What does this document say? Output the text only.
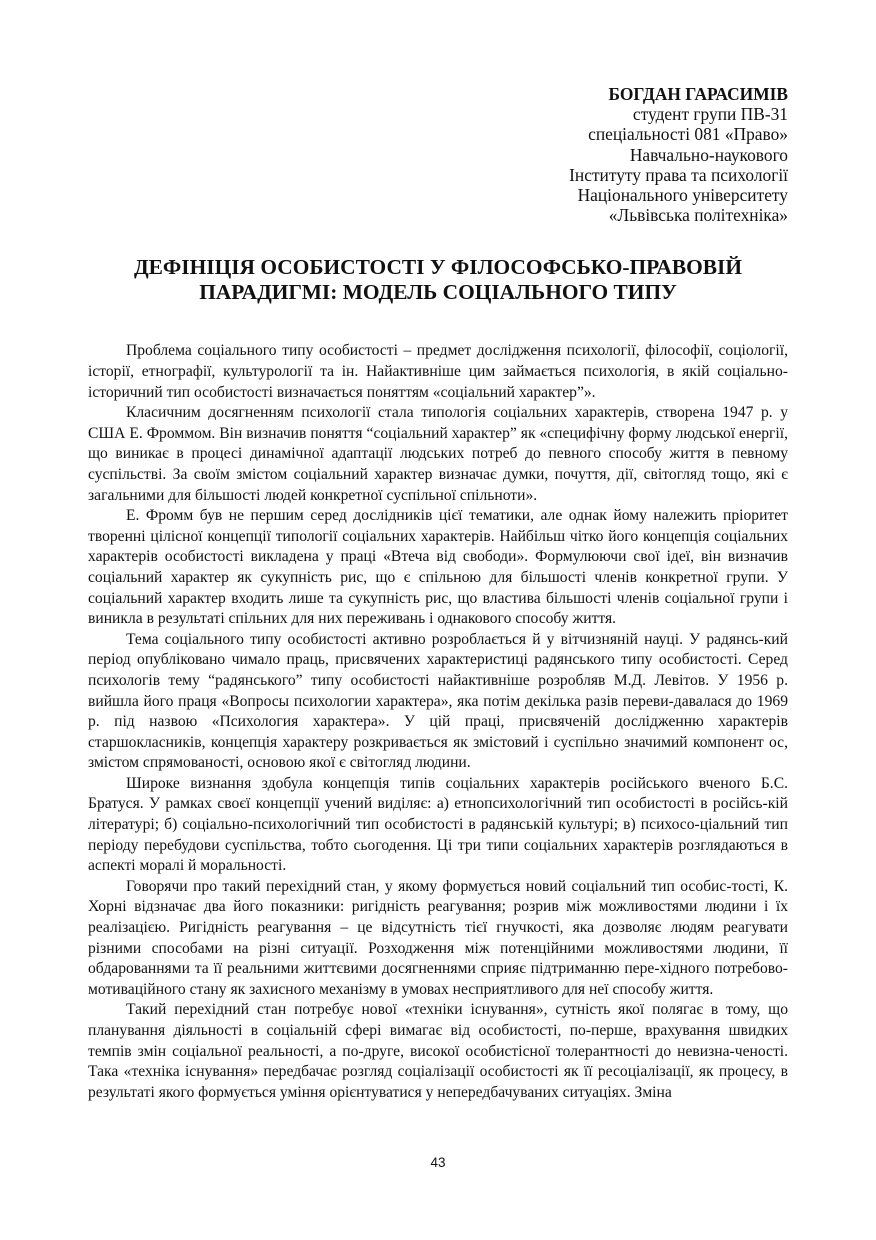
БОГДАН ГАРАСИМІВ
студент групи ПВ-31
спеціальності 081 «Право»
Навчально-наукового
Інституту права та психології
Національного університету
«Львівська політехніка»
ДЕФІНІЦІЯ ОСОБИСТОСТІ У ФІЛОСОФСЬКО-ПРАВОВІЙ
ПАРАДИГМІ: МОДЕЛЬ СОЦІАЛЬНОГО ТИПУ

Проблема соціального типу особистості – предмет дослідження психології, філософії, соціології, історії, етнографії, культурології та ін. Найактивніше цим займається психологія, в якій соціально-історичний тип особистості визначається поняттям «соціальний характер”».

Класичним досягненням психології стала типологія соціальних характерів, створена 1947 р. у США Е. Фроммом. Він визначив поняття “соціальний характер” як «специфічну форму людської енергії, що виникає в процесі динамічної адаптації людських потреб до певного способу життя в певному суспільстві. За своїм змістом соціальний характер визначає думки, почуття, дії, світогляд тощо, які є загальними для більшості людей конкретної суспільної спільноти».

Е. Фромм був не першим серед дослідників цієї тематики, але однак йому належить пріоритет творенні цілісної концепції типології соціальних характерів. Найбільш чітко його концепція соціальних характерів особистості викладена у праці «Втеча від свободи». Формулюючи свої ідеї, він визначив соціальний характер як сукупність рис, що є спільною для більшості членів конкретної групи. У соціальний характер входить лише та сукупність рис, що властива більшості членів соціальної групи і виникла в результаті спільних для них переживань і однакового способу життя.

Тема соціального типу особистості активно розроблається й у вітчизняній науці. У радянсь-кий період опубліковано чимало праць, присвячених характеристиці радянського типу особистості. Серед психологів тему “радянського” типу особистості найактивніше розробляв М.Д. Левітов. У 1956 р. вийшла його праця «Вопросы психологии характера», яка потім декілька разів переви-давалася до 1969 р. під назвою «Психология характера». У цій праці, присвяченій дослідженню характерів старшокласників, концепція характеру розкривається як змістовий і суспільно значимий компонент ос, змістом спрямованості, основою якої є світогляд людини.

Широке визнання здобула концепція типів соціальних характерів російського вченого Б.С. Братуся. У рамках своєї концепції учений виділяє: а) етнопсихологічний тип особистості в російсь-кій літературі; б) соціально-психологічний тип особистості в радянській культурі; в) психосо-ціальний тип періоду перебудови суспільства, тобто сьогодення. Ці три типи соціальних характерів розглядаються в аспекті моралі й моральності.

Говорячи про такий перехідний стан, у якому формується новий соціальний тип особис-тості, К. Хорні відзначає два його показники: ригідність реагування; розрив між можливостями людини і їх реалізацією. Ригідність реагування – це відсутність тієї гнучкості, яка дозволяє людям реагувати різними способами на різні ситуації. Розходження між потенційними можливостями людини, її обдарованнями та її реальними життєвими досягненнями сприяє підтриманню пере-хідного потребово-мотиваційного стану як захисного механізму в умовах несприятливого для неї способу життя.

Такий перехідний стан потребує нової «техніки існування», сутність якої полягає в тому, що планування діяльності в соціальній сфері вимагає від особистості, по-перше, врахування швидких темпів змін соціальної реальності, а по-друге, високої особистісної толерантності до невизна-ченості. Така «техніка існування» передбачає розгляд соціалізації особистості як її ресоціалізації, як процесу, в результаті якого формується уміння орієнтуватися у непередбачуваних ситуаціях. Зміна

43
